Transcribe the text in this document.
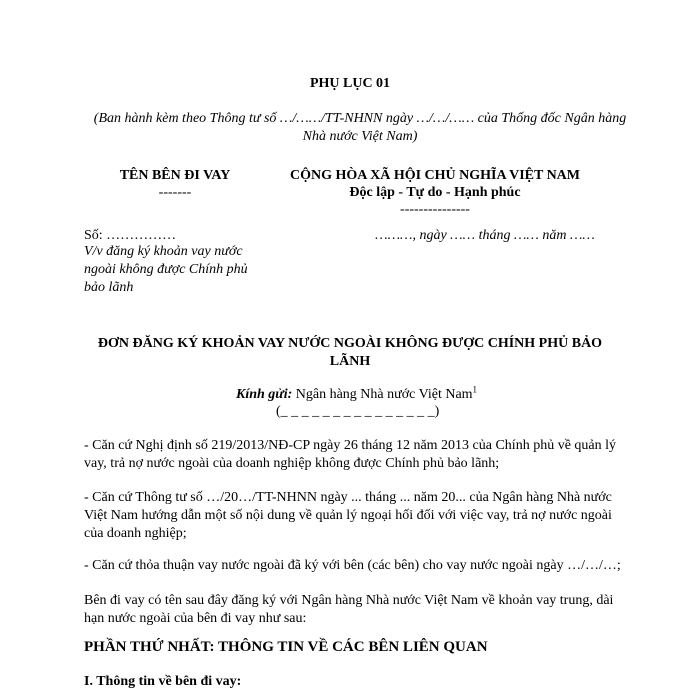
PHỤ LỤC 01
(Ban hành kèm theo Thông tư số …/……/TT-NHNN ngày …/…/…… của Thống đốc Ngân hàng
Nhà nước Việt Nam)
TÊN BÊN ĐI VAY
-------
Số: ……………
V/v đăng ký khoản vay nước
ngoài không được Chính phủ
bảo lãnh
CỘNG HÒA XÃ HỘI CHỦ NGHĨA VIỆT NAM
Độc lập - Tự do - Hạnh phúc
---------------
………, ngày …… tháng …… năm ……
ĐƠN ĐĂNG KÝ KHOẢN VAY NƯỚC NGOÀI KHÔNG ĐƯỢC CHÍNH PHỦ BẢO
LÃNH
Kính gửi: Ngân hàng Nhà nước Việt Nam$^1$
(_ _ _ _ _ _ _ _ _ _ _ _ _ _ _)
- Căn cứ Nghị định số 219/2013/NĐ-CP ngày 26 tháng 12 năm 2013 của Chính phủ về quản lý
vay, trả nợ nước ngoài của doanh nghiệp không được Chính phủ bảo lãnh;
- Căn cứ Thông tư số …/20…/TT-NHNN ngày ... tháng ... năm 20... của Ngân hàng Nhà nước
Việt Nam hướng dẫn một số nội dung về quản lý ngoại hối đối với việc vay, trả nợ nước ngoài
của doanh nghiệp;
- Căn cứ thỏa thuận vay nước ngoài đã ký với bên (các bên) cho vay nước ngoài ngày …/…/…;
Bên đi vay có tên sau đây đăng ký với Ngân hàng Nhà nước Việt Nam về khoản vay trung, dài
hạn nước ngoài của bên đi vay như sau:
PHẦN THỨ NHẤT: THÔNG TIN VỀ CÁC BÊN LIÊN QUAN
I. Thông tin về bên đi vay:
